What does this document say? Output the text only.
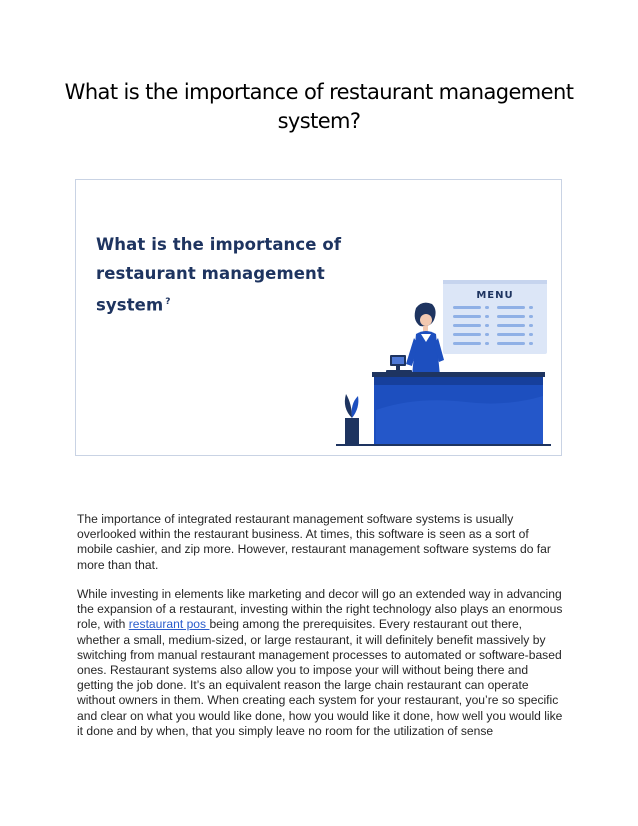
What is the importance of restaurant management system?
What is the importance of
restaurant management
system ?
MENU

The importance of integrated restaurant management software systems is usually overlooked within the restaurant business. At times, this software is seen as a sort of mobile cashier, and zip more. However, restaurant management software systems do far more than that.

While investing in elements like marketing and decor will go an extended way in advancing the expansion of a restaurant, investing within the right technology also plays an enormous role, with restaurant pos being among the prerequisites. Every restaurant out there, whether a small, medium-sized, or large restaurant, it will definitely benefit massively by switching from manual restaurant management processes to automated or software-based ones. Restaurant systems also allow you to impose your will without being there and getting the job done. It’s an equivalent reason the large chain restaurant can operate without owners in them. When creating each system for your restaurant, you’re so specific and clear on what you would like done, how you would like it done, how well you would like it done and by when, that you simply leave no room for the utilization of sense
